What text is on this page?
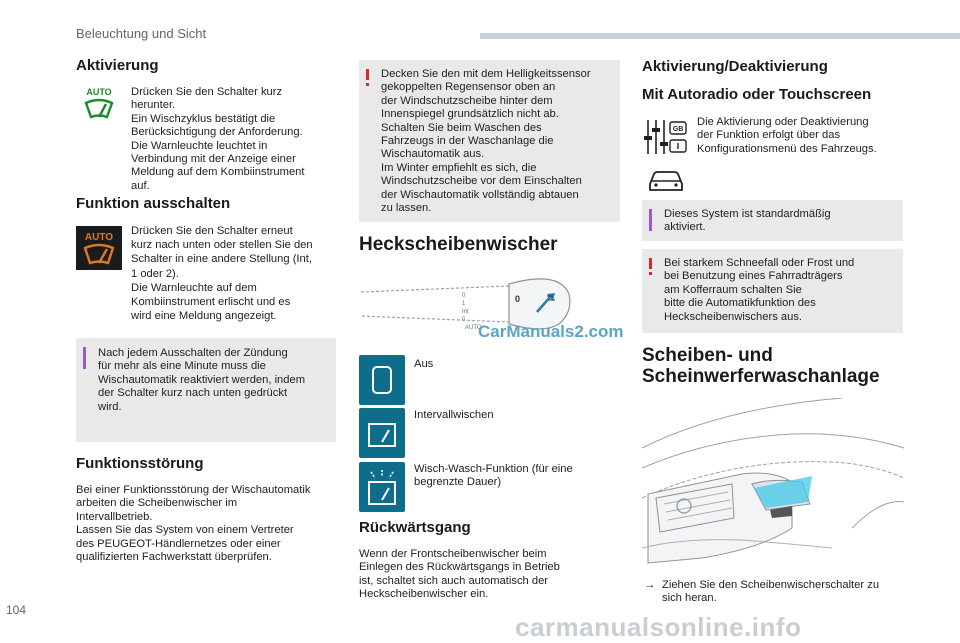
Beleuchtung und Sicht
Aktivierung
AUTO Drücken Sie den Schalter kurz
herunter.
Ein Wischzyklus bestätigt die
Berücksichtigung der Anforderung.
Die Warnleuchte leuchtet in
Verbindung mit der Anzeige einer
Meldung auf dem Kombiinstrument
auf.
Funktion ausschalten
AUTO
Drücken Sie den Schalter erneut
kurz nach unten oder stellen Sie den
Schalter in eine andere Stellung (Int,
1 oder 2).
Die Warnleuchte auf dem
Kombiinstrument erlischt und es
wird eine Meldung angezeigt.
Nach jedem Ausschalten der Zündung
für mehr als eine Minute muss die
Wischautomatik reaktiviert werden, indem
der Schalter kurz nach unten gedrückt
wird.
Funktionsstörung
Bei einer Funktionsstörung der Wischautomatik
arbeiten die Scheibenwischer im
Intervallbetrieb.
Lassen Sie das System von einem Vertreter
des PEUGEOT-Händlernetzes oder einer
qualifizierten Fachwerkstatt überprüfen.
Decken Sie den mit dem Helligkeitssensor
gekoppelten Regensensor oben an
der Windschutzscheibe hinter dem
Innenspiegel grundsätzlich nicht ab.
Schalten Sie beim Waschen des
Fahrzeugs in der Waschanlage die
Wischautomatik aus.
Im Winter empfiehlt es sich, die
Windschutzscheibe vor dem Einschalten
der Wischautomatik vollständig abtauen
zu lassen.
Heckscheibenwischer
0
1
Int
0
AUTO
0
CarManuals2.com
Aus
Intervallwischen
Wisch-Wasch-Funktion (für eine
begrenzte Dauer)
Rückwärtsgang
Wenn der Frontscheibenwischer beim
Einlegen des Rückwärtsgangs in Betrieb
ist, schaltet sich auch automatisch der
Heckscheibenwischer ein.
Aktivierung/Deaktivierung
Mit Autoradio oder Touchscreen
GB
Die Aktivierung oder Deaktivierung
der Funktion erfolgt über das
Konfigurationsmenü des Fahrzeugs.
Dieses System ist standardmäßig
aktiviert.
Bei starkem Schneefall oder Frost und
bei Benutzung eines Fahrradträgers
am Kofferraum schalten Sie
bitte die Automatikfunktion des
Heckscheibenwischers aus.
Scheiben- und
Scheinwerferwaschanlage
→ Ziehen Sie den Scheibenwischerschalter zu
sich heran.
104
carmanualsonline.info
